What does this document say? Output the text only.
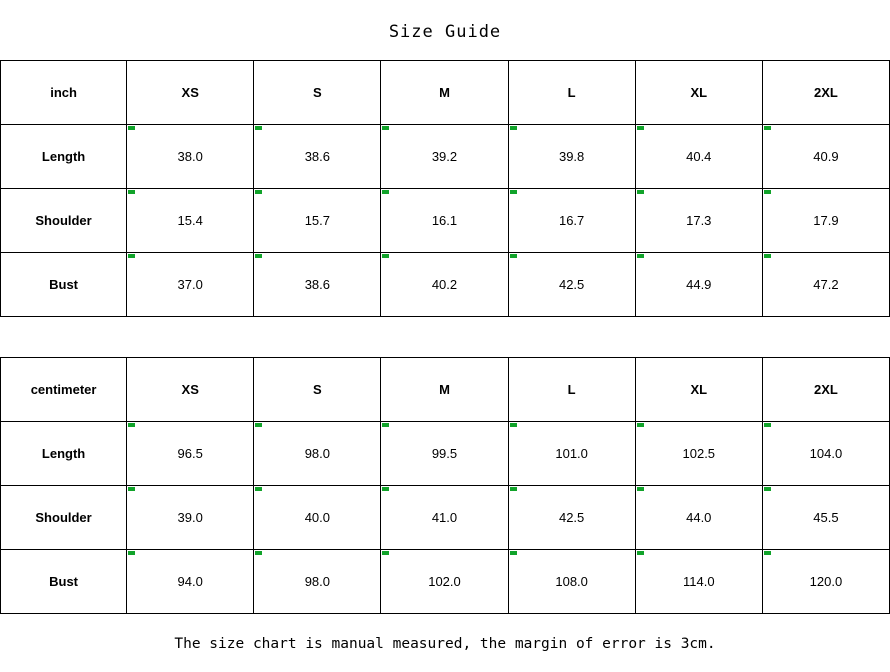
Size Guide
inch	XS	S	M	L	XL	2XL
Length	38.0	38.6	39.2	39.8	40.4	40.9
Shoulder	15.4	15.7	16.1	16.7	17.3	17.9
Bust	37.0	38.6	40.2	42.5	44.9	47.2
centimeter	XS	S	M	L	XL	2XL
Length	96.5	98.0	99.5	101.0	102.5	104.0
Shoulder	39.0	40.0	41.0	42.5	44.0	45.5
Bust	94.0	98.0	102.0	108.0	114.0	120.0
The size chart is manual measured, the margin of error is 3cm.
